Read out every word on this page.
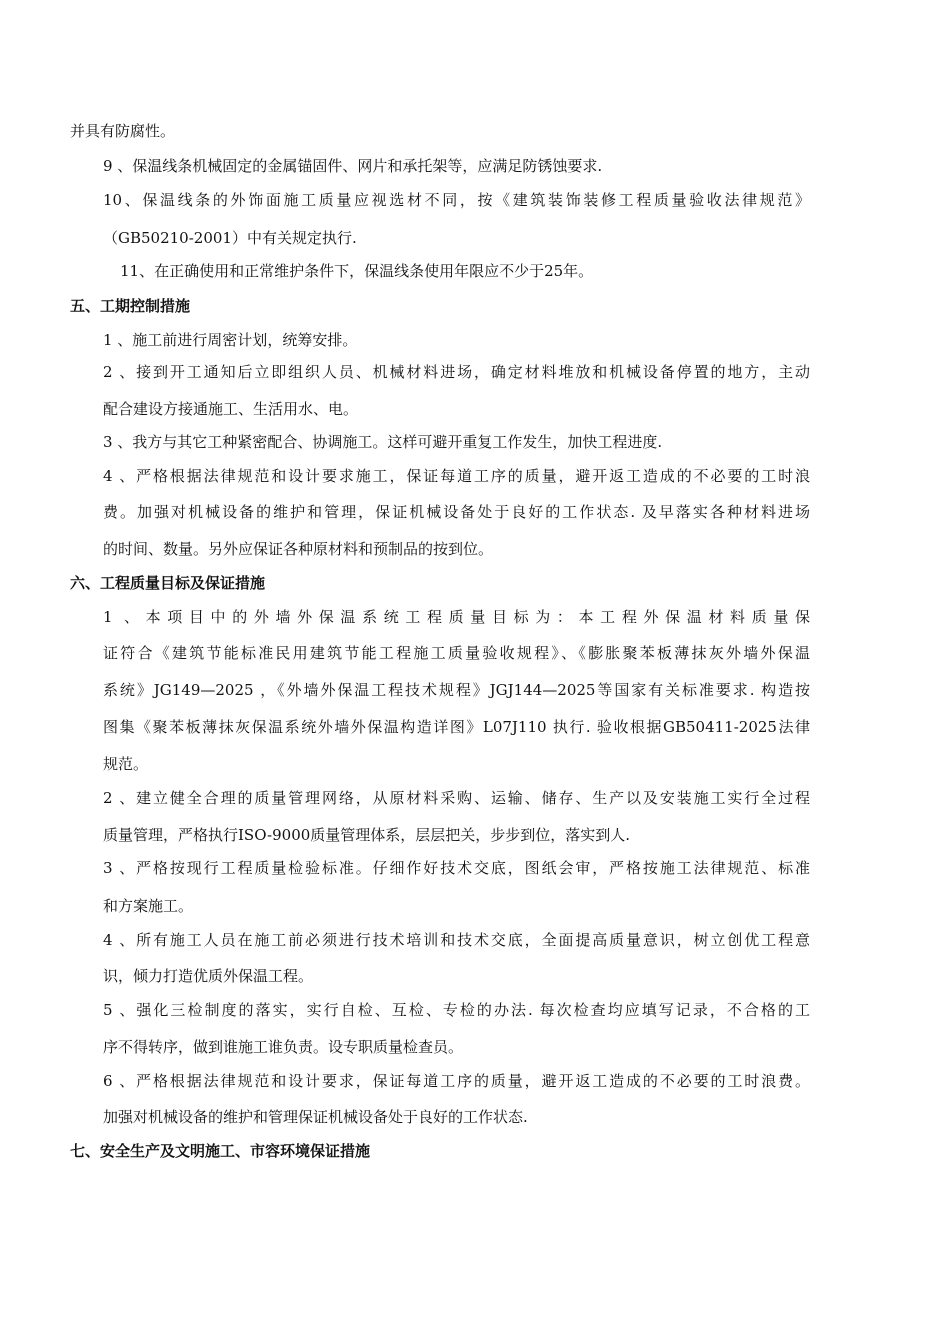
并具有防腐性。
9 、保温线条机械固定的金属锚固件、网片和承托架等，应满足防锈蚀要求.
10、保温线条的外饰面施工质量应视选材不同，按《建筑装饰装修工程质量验收法律规范》
（GB50210-2001）中有关规定执行.
11、在正确使用和正常维护条件下，保温线条使用年限应不少于25年。
五、工期控制措施
1 、施工前进行周密计划，统筹安排。
2 、接到开工通知后立即组织人员、机械材料进场，确定材料堆放和机械设备停置的地方，主动
配合建设方接通施工、生活用水、电。
3 、我方与其它工种紧密配合、协调施工。这样可避开重复工作发生，加快工程进度.
4 、严格根据法律规范和设计要求施工，保证每道工序的质量，避开返工造成的不必要的工时浪
费。加强对机械设备的维护和管理，保证机械设备处于良好的工作状态. 及早落实各种材料进场
的时间、数量。另外应保证各种原材料和预制品的按到位。
六、工程质量目标及保证措施
1 、本项目中的外墙外保温系统工程质量目标为：本工程外保温材料质量保
证符合《建筑节能标准民用建筑节能工程施工质量验收规程》、《膨胀聚苯板薄抹灰外墙外保温
系统》JG149—2025 ，《外墙外保温工程技术规程》JGJ144—2025等国家有关标准要求. 构造按
图集《聚苯板薄抹灰保温系统外墙外保温构造详图》L07J110 执行. 验收根据GB50411-2025法律
规范。
2 、建立健全合理的质量管理网络，从原材料采购、运输、储存、生产以及安装施工实行全过程
质量管理，严格执行ISO-9000质量管理体系，层层把关，步步到位，落实到人.
3 、严格按现行工程质量检验标准。仔细作好技术交底，图纸会审，严格按施工法律规范、标准
和方案施工。
4 、所有施工人员在施工前必须进行技术培训和技术交底，全面提高质量意识，树立创优工程意
识，倾力打造优质外保温工程。
5 、强化三检制度的落实，实行自检、互检、专检的办法. 每次检查均应填写记录，不合格的工
序不得转序，做到谁施工谁负责。设专职质量检查员。
6 、严格根据法律规范和设计要求，保证每道工序的质量，避开返工造成的不必要的工时浪费。
加强对机械设备的维护和管理保证机械设备处于良好的工作状态.
七、安全生产及文明施工、市容环境保证措施
